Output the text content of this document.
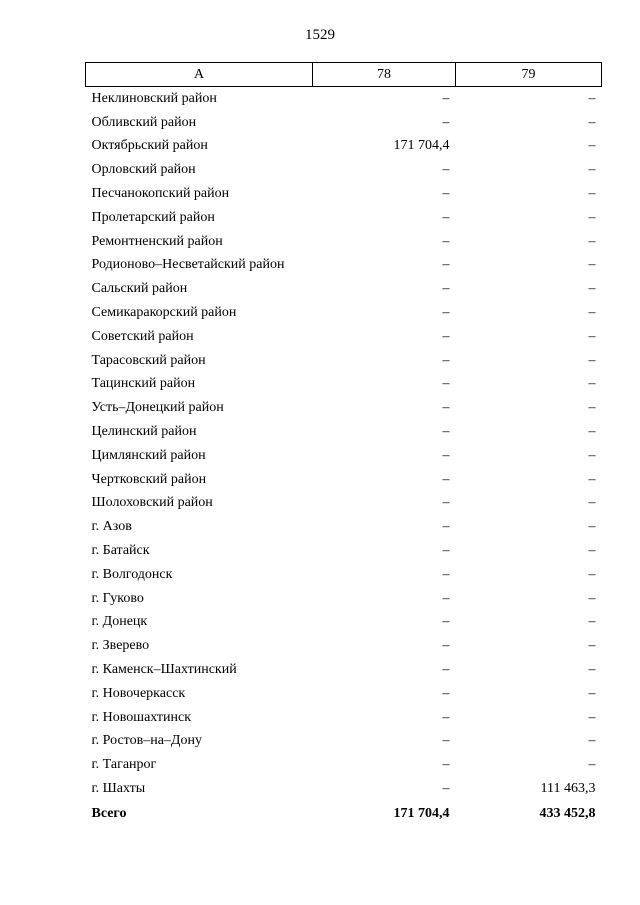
1529
А	78	79
Неклиновский район	–	–
Обливский район	–	–
Октябрьский район	171 704,4	–
Орловский район	–	–
Песчанокопский район	–	–
Пролетарский район	–	–
Ремонтненский район	–	–
Родионово–Несветайский район	–	–
Сальский район	–	–
Семикаракорский район	–	–
Советский район	–	–
Тарасовский район	–	–
Тацинский район	–	–
Усть–Донецкий район	–	–
Целинский район	–	–
Цимлянский район	–	–
Чертковский район	–	–
Шолоховский район	–	–
г. Азов	–	–
г. Батайск	–	–
г. Волгодонск	–	–
г. Гуково	–	–
г. Донецк	–	–
г. Зверево	–	–
г. Каменск–Шахтинский	–	–
г. Новочеркасск	–	–
г. Новошахтинск	–	–
г. Ростов–на–Дону	–	–
г. Таганрог	–	–
г. Шахты	–	111 463,3
Всего	171 704,4	433 452,8
